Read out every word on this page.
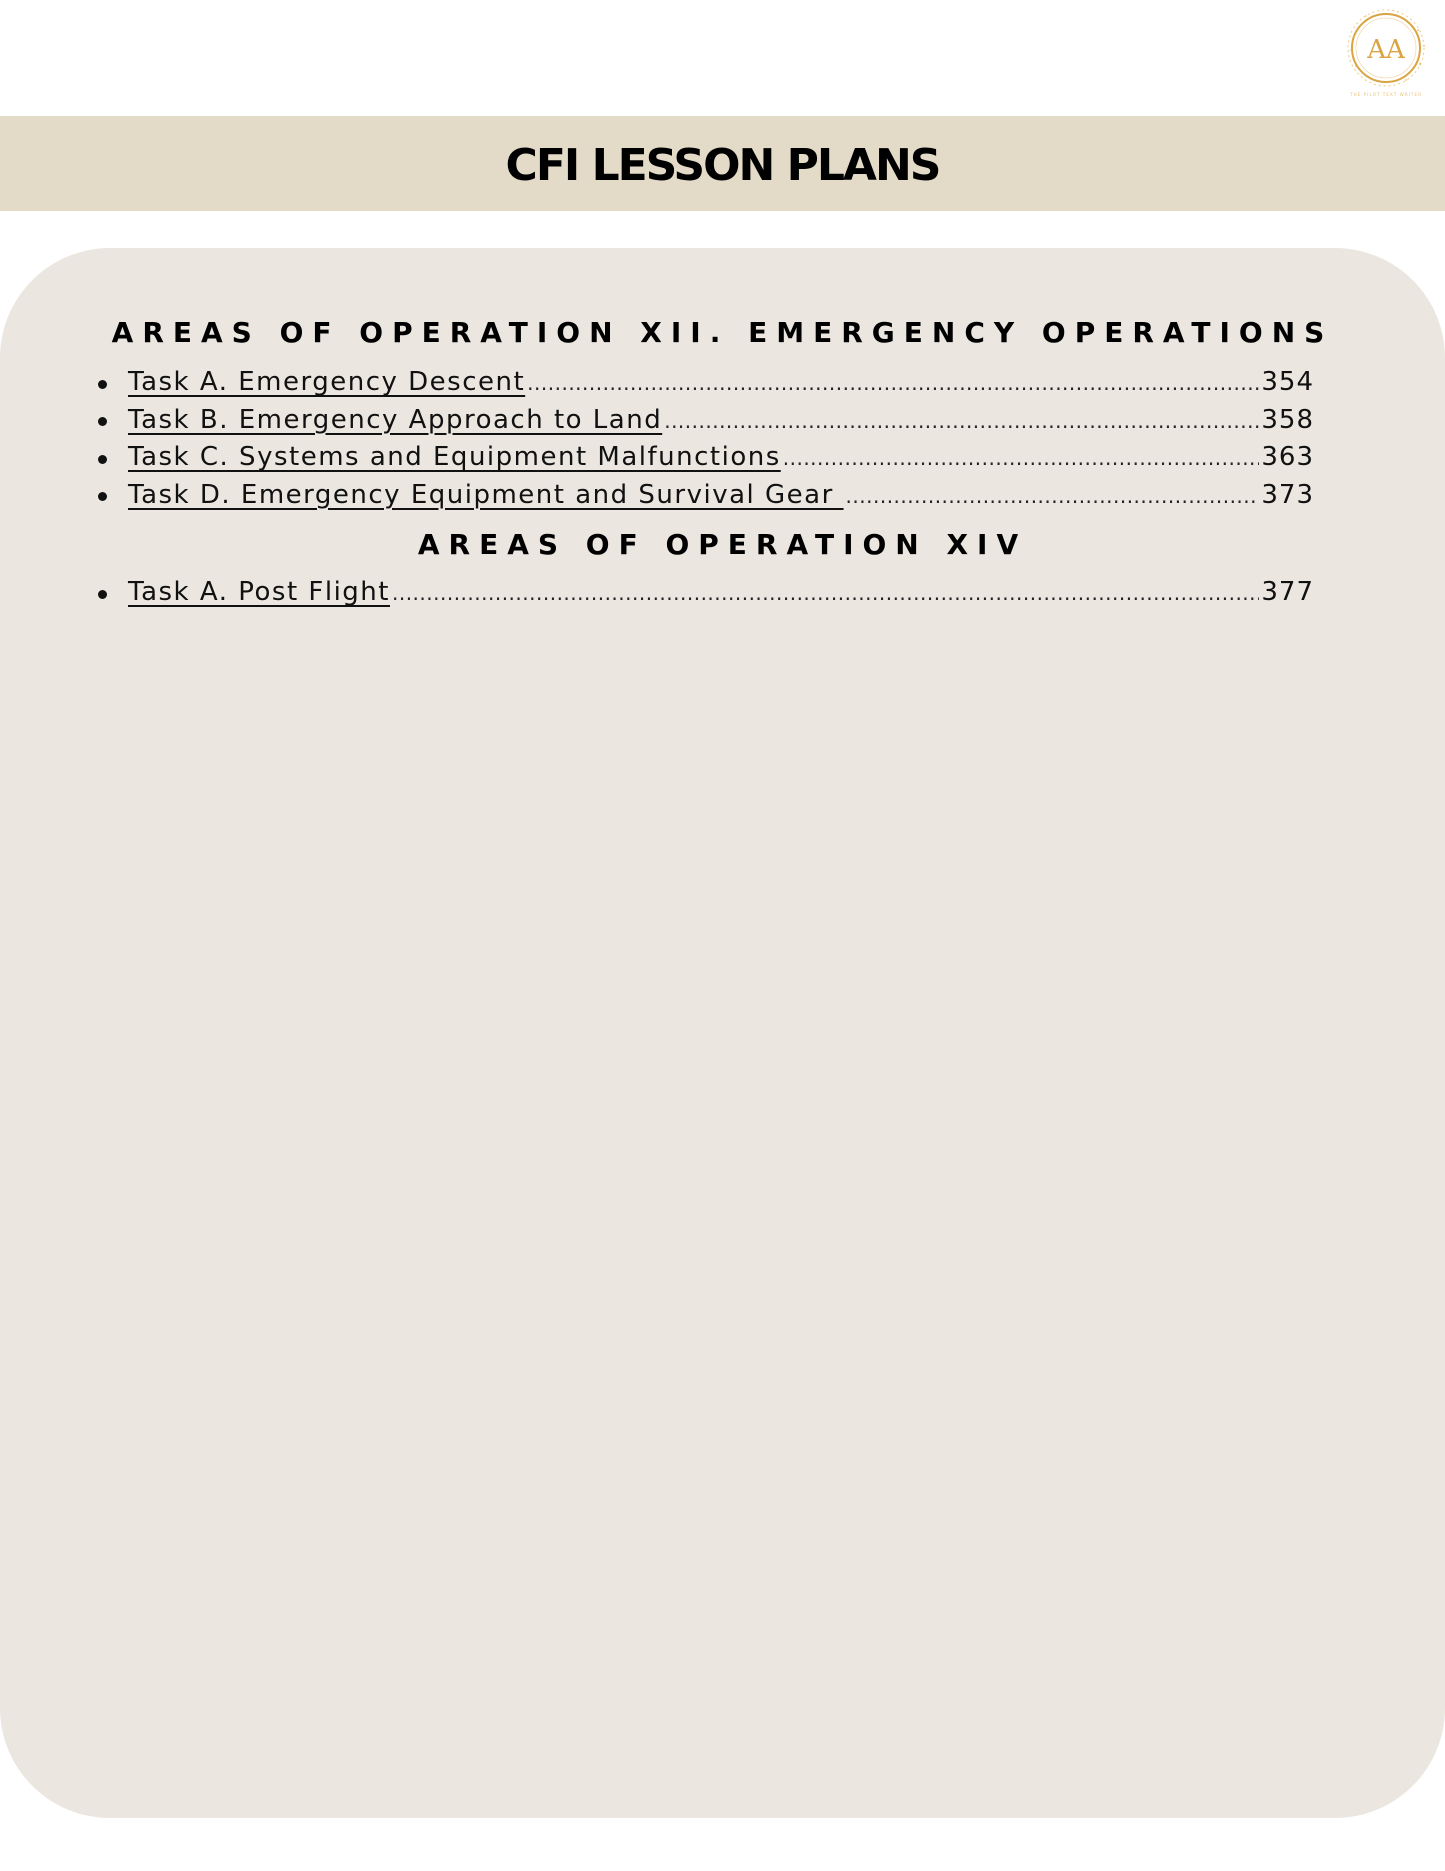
AA
THE PILOT TEXT WRITER
CFI LESSON PLANS
AREAS OF OPERATION XII. EMERGENCY OPERATIONS
Task A. Emergency Descent .....	354
Task B. Emergency Approach to Land .....	358
Task C. Systems and Equipment Malfunctions .....	363
Task D. Emergency Equipment and Survival Gear .....	373
AREAS OF OPERATION XIV
Task A. Post Flight .....	377
